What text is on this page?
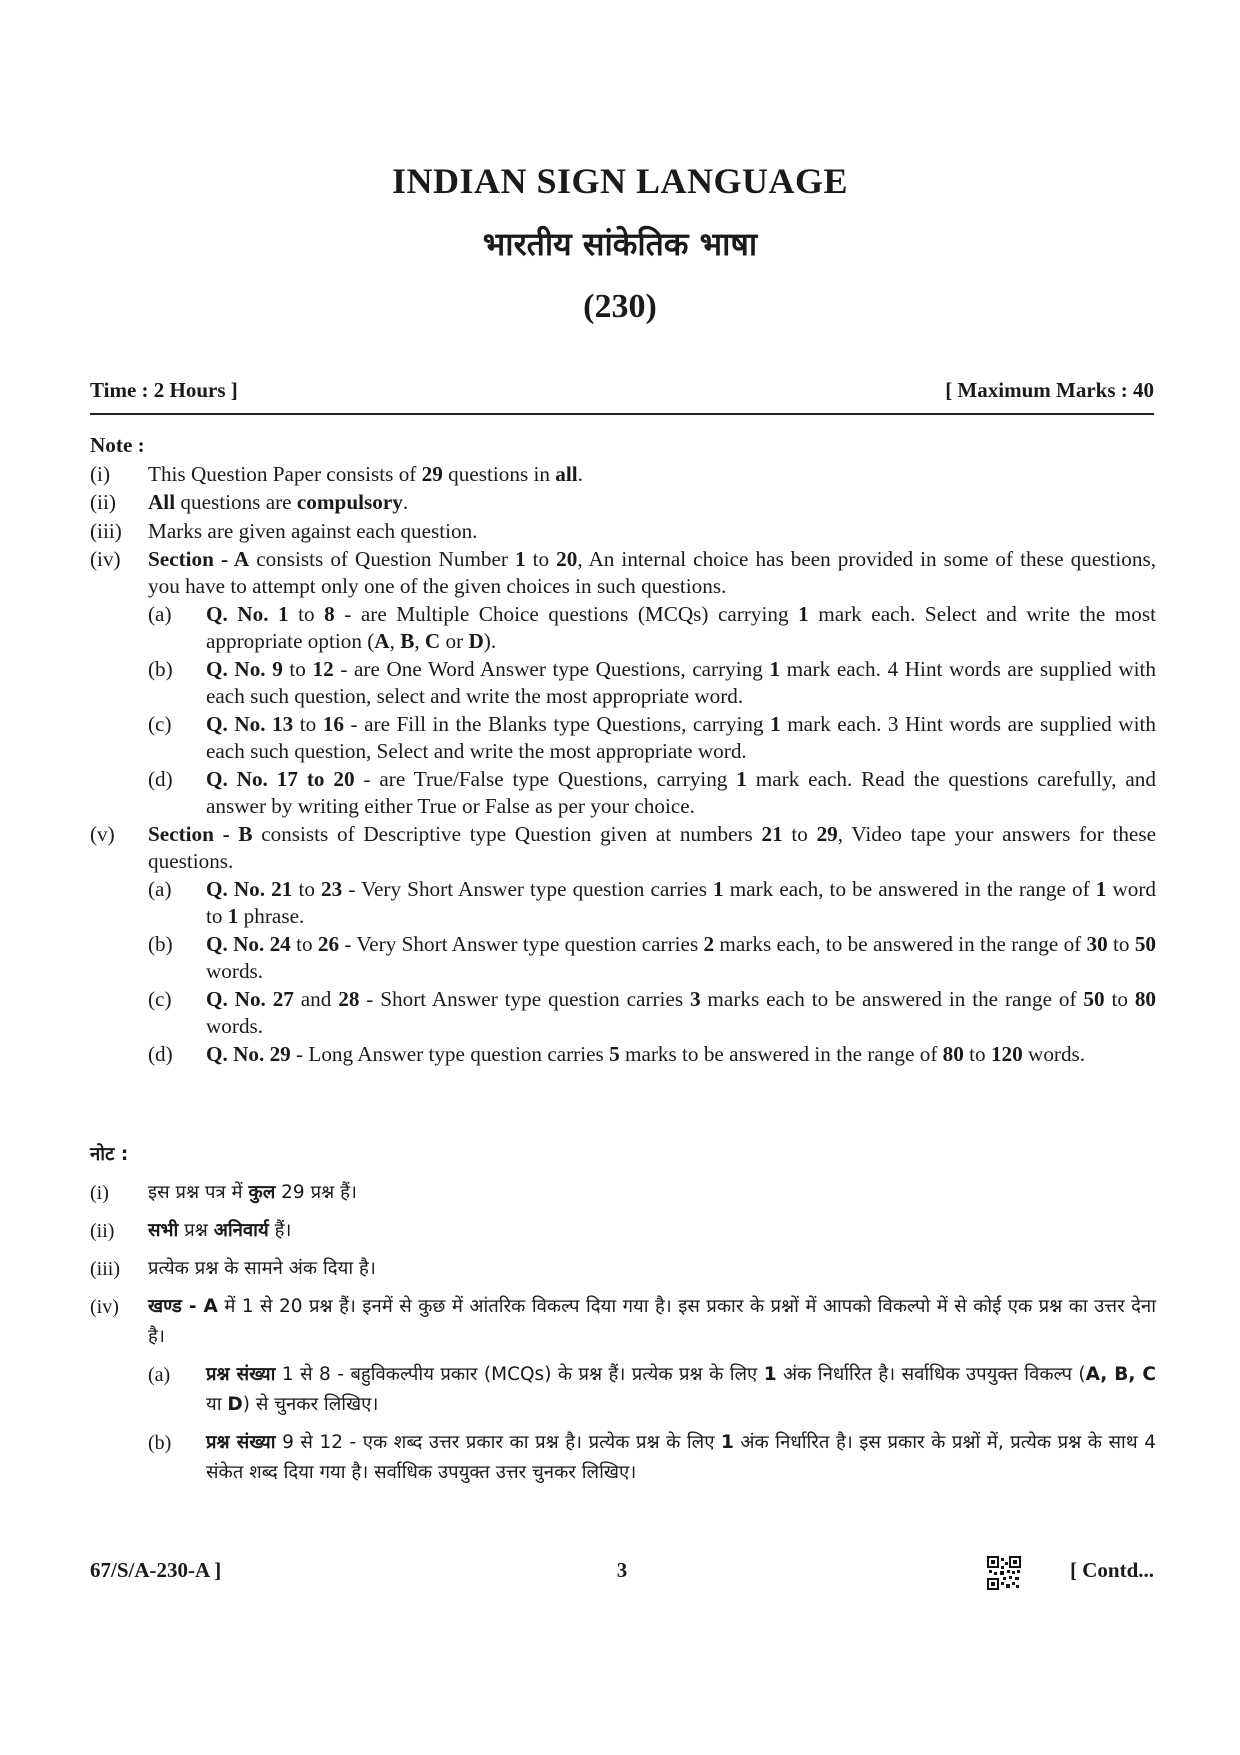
INDIAN SIGN LANGUAGE
भारतीय सांकेतिक भाषा
(230)
Time : 2 Hours ]	[ Maximum Marks : 40
Note :
(i)	This Question Paper consists of 29 questions in all.
(ii)	All questions are compulsory.
(iii)	Marks are given against each question.
(iv)	Section - A consists of Question Number 1 to 20, An internal choice has been provided in some of these questions, you have to attempt only one of the given choices in such questions.
(a)	Q. No. 1 to 8 - are Multiple Choice questions (MCQs) carrying 1 mark each. Select and write the most appropriate option (A, B, C or D).
(b)	Q. No. 9 to 12 - are One Word Answer type Questions, carrying 1 mark each. 4 Hint words are supplied with each such question, select and write the most appropriate word.
(c)	Q. No. 13 to 16 - are Fill in the Blanks type Questions, carrying 1 mark each. 3 Hint words are supplied with each such question, Select and write the most appropriate word.
(d)	Q. No. 17 to 20 - are True/False type Questions, carrying 1 mark each. Read the questions carefully, and answer by writing either True or False as per your choice.
(v)	Section - B consists of Descriptive type Question given at numbers 21 to 29, Video tape your answers for these questions.
(a)	Q. No. 21 to 23 - Very Short Answer type question carries 1 mark each, to be answered in the range of 1 word to 1 phrase.
(b)	Q. No. 24 to 26 - Very Short Answer type question carries 2 marks each, to be answered in the range of 30 to 50 words.
(c)	Q. No. 27 and 28 - Short Answer type question carries 3 marks each to be answered in the range of 50 to 80 words.
(d)	Q. No. 29 - Long Answer type question carries 5 marks to be answered in the range of 80 to 120 words.
नोट :
(i)	इस प्रश्न पत्र में कुल 29 प्रश्न हैं।
(ii)	सभी प्रश्न अनिवार्य हैं।
(iii)	प्रत्येक प्रश्न के सामने अंक दिया है।
(iv)	खण्ड - A में 1 से 20 प्रश्न हैं। इनमें से कुछ में आंतरिक विकल्प दिया गया है। इस प्रकार के प्रश्नों में आपको विकल्पो में से कोई एक प्रश्न का उत्तर देना है।
(a)	प्रश्न संख्या 1 से 8 - बहुविकल्पीय प्रकार (MCQs) के प्रश्न हैं। प्रत्येक प्रश्न के लिए 1 अंक निर्धारित है। सर्वाधिक उपयुक्त विकल्प (A, B, C या D) से चुनकर लिखिए।
(b)	प्रश्न संख्या 9 से 12 - एक शब्द उत्तर प्रकार का प्रश्न है। प्रत्येक प्रश्न के लिए 1 अंक निर्धारित है। इस प्रकार के प्रश्नों में, प्रत्येक प्रश्न के साथ 4 संकेत शब्द दिया गया है। सर्वाधिक उपयुक्त उत्तर चुनकर लिखिए।
67/S/A-230-A ]	3	[ Contd...
